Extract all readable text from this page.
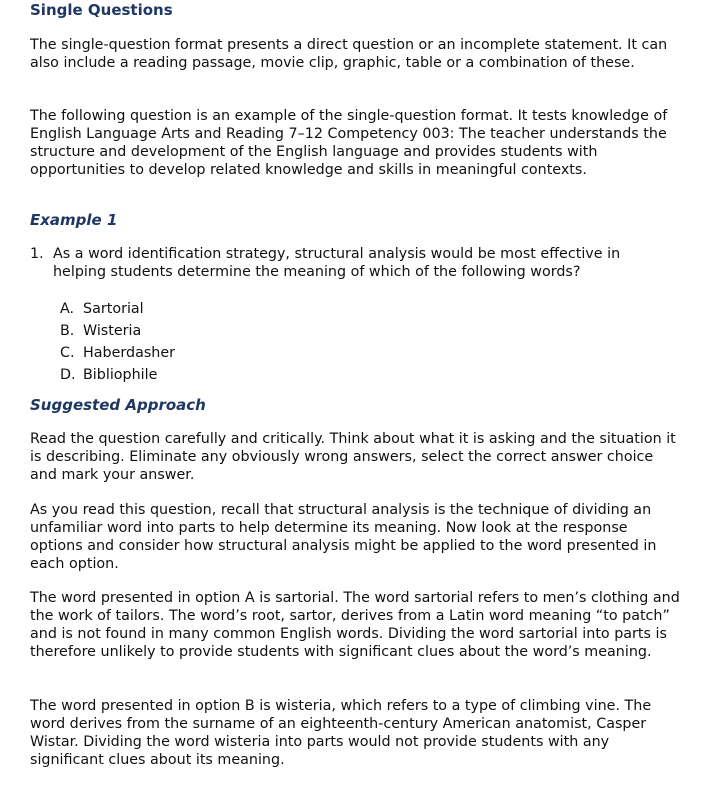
Single Questions

The single-question format presents a direct question or an incomplete statement. It can also include a reading passage, movie clip, graphic, table or a combination of these.

The following question is an example of the single-question format. It tests knowledge of English Language Arts and Reading 7–12 Competency 003: The teacher understands the structure and development of the English language and provides students with opportunities to develop related knowledge and skills in meaningful contexts.

Example 1
1. As a word identification strategy, structural analysis would be most effective in helping students determine the meaning of which of the following words?
A. Sartorial
B. Wisteria
C. Haberdasher
D. Bibliophile
Suggested Approach

Read the question carefully and critically. Think about what it is asking and the situation it is describing. Eliminate any obviously wrong answers, select the correct answer choice and mark your answer.

As you read this question, recall that structural analysis is the technique of dividing an unfamiliar word into parts to help determine its meaning. Now look at the response options and consider how structural analysis might be applied to the word presented in each option.

The word presented in option A is sartorial. The word sartorial refers to men’s clothing and the work of tailors. The word’s root, sartor, derives from a Latin word meaning “to patch” and is not found in many common English words. Dividing the word sartorial into parts is therefore unlikely to provide students with significant clues about the word’s meaning.

The word presented in option B is wisteria, which refers to a type of climbing vine. The word derives from the surname of an eighteenth-century American anatomist, Casper Wistar. Dividing the word wisteria into parts would not provide students with any significant clues about its meaning.
